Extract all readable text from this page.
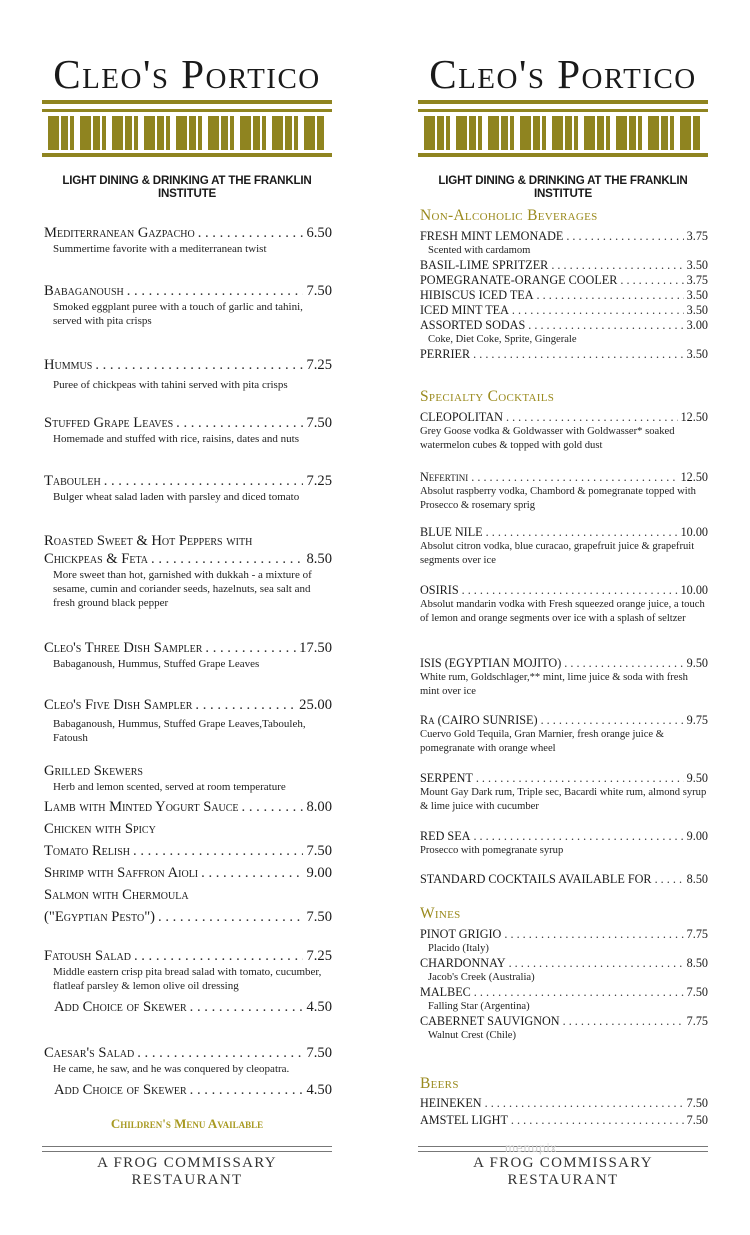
Cleo's Portico
LIGHT DINING & DRINKING AT THE FRANKLIN INSTITUTE
Mediterranean Gazpacho . . .	6.50
Summertime favorite with a mediterranean twist
Babaganoush . . .	7.50
Smoked eggplant puree with a touch of garlic and tahini, served with pita crisps
Hummus . . .	7.25
Puree of chickpeas with tahini served with pita crisps
Stuffed Grape Leaves . . .	7.50
Homemade and stuffed with rice, raisins, dates and nuts
Tabouleh . . .	7.25
Bulger wheat salad laden with parsley and diced tomato
Roasted Sweet & Hot Peppers with
Chickpeas & Feta . . .	8.50
More sweet than hot, garnished with dukkah - a mixture of sesame, cumin and coriander seeds, hazelnuts, sea salt and fresh ground black pepper
Cleo's Three Dish Sampler . . .	17.50
Babaganoush, Hummus, Stuffed Grape Leaves
Cleo's Five Dish Sampler . . .	25.00
Babaganoush, Hummus, Stuffed Grape Leaves,Tabouleh, Fatoush
Grilled Skewers
Herb and lemon scented, served at room temperature
Lamb with Minted Yogurt Sauce . . .	8.00
Chicken with Spicy
Tomato Relish . . .	7.50
Shrimp with Saffron Aioli . . .	9.00
Salmon with Chermoula
("Egyptian Pesto") . . .	7.50
Fatoush Salad . . .	7.25
Middle eastern crisp pita bread salad with tomato, cucumber, flatleaf parsley & lemon olive oil dressing
Add Choice of Skewer . . .	4.50
Caesar's Salad . . .	7.50
He came, he saw, and he was conquered by cleopatra.
Add Choice of Skewer . . .	4.50
Children's Menu Available
A FROG COMMISSARY RESTAURANT
Cleo's Portico
LIGHT DINING & DRINKING AT THE FRANKLIN INSTITUTE
Non-Alcoholic Beverages
FRESH MINT LEMONADE . . .	3.75
Scented with cardamom
BASIL-LIME SPRITZER . . .	3.50
POMEGRANATE-ORANGE COOLER . . .	3.75
HIBISCUS ICED TEA . . .	3.50
ICED MINT TEA . . .	3.50
ASSORTED SODAS . . .	3.00
Coke, Diet Coke, Sprite, Gingerale
PERRIER . . .	3.50
Specialty Cocktails
CLEOPOLITAN . . .	12.50
Grey Goose vodka & Goldwasser with Goldwasser* soaked watermelon cubes & topped with gold dust
Nefertini . . .	12.50
Absolut raspberry vodka, Chambord & pomegranate topped with Prosecco & rosemary sprig
BLUE NILE . . .	10.00
Absolut citron vodka, blue curacao, grapefruit juice & grapefruit segments over ice
OSIRIS . . .	10.00
Absolut mandarin vodka with Fresh squeezed orange juice, a touch of lemon and orange segments over ice with a splash of seltzer
ISIS (EGYPTIAN MOJITO) . . .	9.50
White rum, Goldschlager,** mint, lime juice & soda with fresh mint over ice
Ra (CAIRO SUNRISE) . . .	9.75
Cuervo Gold Tequila, Gran Marnier, fresh orange juice & pomegranate with orange wheel
SERPENT . . .	9.50
Mount Gay Dark rum, Triple sec, Bacardi white rum, almond syrup & lime juice with cucumber
RED SEA . . .	9.00
Prosecco with pomegranate syrup
STANDARD COCKTAILS AVAILABLE FOR . . .	8.50
Wines
PINOT GRIGIO . . .	7.75
Placido (Italy)
CHARDONNAY . . .	8.50
Jacob's Creek (Australia)
MALBEC . . .	7.50
Falling Star (Argentina)
CABERNET SAUVIGNON . . .	7.75
Walnut Crest (Chile)
Beers
HEINEKEN . . .	7.50
AMSTEL LIGHT . . .	7.50
A FROG COMMISSARY RESTAURANT
menupix
